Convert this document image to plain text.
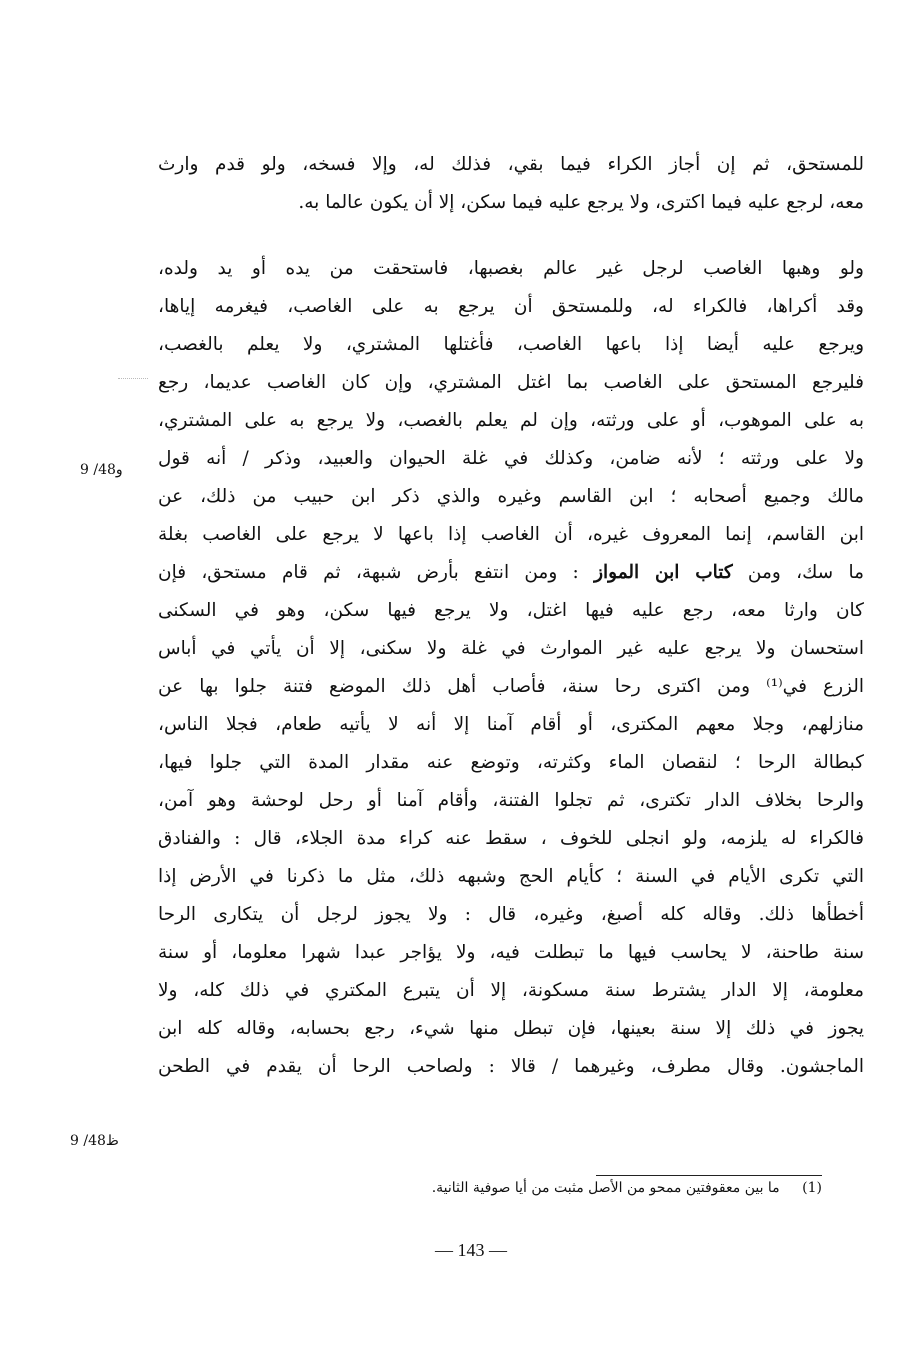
للمستحق، ثم إن أجاز الكراء فيما بقي، فذلك له، وإلا فسخه، ولو قدم وارث
معه، لرجع عليه فيما اكترى، ولا يرجع عليه فيما سكن، إلا أن يكون عالما به.
ولو وهبها الغاصب لرجل غير عالم بغصبها، فاستحقت من يده أو يد ولده،
وقد أكراها، فالكراء له، وللمستحق أن يرجع به على الغاصب، فيغرمه إياها،
ويرجع عليه أيضا إذا باعها الغاصب، فأغتلها المشتري، ولا يعلم بالغصب،
فليرجع المستحق على الغاصب بما اغتل المشتري، وإن كان الغاصب عديما، رجع
به على الموهوب، أو على ورثته، وإن لم يعلم بالغصب، ولا يرجع به على المشتري،
ولا على ورثته ؛ لأنه ضامن، وكذلك في غلة الحيوان والعبيد، وذكر / أنه قول
مالك وجميع أصحابه ؛ ابن القاسم وغيره والذي ذكر ابن حبيب من ذلك، عن
ابن القاسم، إنما المعروف غيره، أن الغاصب إذا باعها لا يرجع على الغاصب بغلة
ما سك، ومن كتاب ابن المواز : ومن انتفع بأرض شبهة، ثم قام مستحق، فإن
كان وارثا معه، رجع عليه فيها اغتل، ولا يرجع فيها سكن، وهو في السكنى
استحسان ولا يرجع عليه غير الموارث في غلة ولا سكنى، إلا أن يأتي في أباس
الزرع في⁽¹⁾ ومن اكترى رحا سنة، فأصاب أهل ذلك الموضع فتنة جلوا بها عن
منازلهم، وجلا معهم المكترى، أو أقام آمنا إلا أنه لا يأتيه طعام، فجلا الناس،
كبطالة الرحا ؛ لنقصان الماء وكثرته، وتوضع عنه مقدار المدة التي جلوا فيها،
والرحا بخلاف الدار تكترى، ثم تجلوا الفتنة، وأقام آمنا أو رحل لوحشة وهو آمن،
فالكراء له يلزمه، ولو انجلى للخوف ، سقط عنه كراء مدة الجلاء، قال : والفنادق
التي تكرى الأيام في السنة ؛ كأيام الحج وشبهه ذلك، مثل ما ذكرنا في الأرض إذا
أخطأها ذلك. وقاله كله أصبغ، وغيره، قال : ولا يجوز لرجل أن يتكارى الرحا
سنة طاحنة، لا يحاسب فيها ما تبطلت فيه، ولا يؤاجر عبدا شهرا معلوما، أو سنة
معلومة، إلا الدار يشترط سنة مسكونة، إلا أن يتبرع المكتري في ذلك كله، ولا
يجوز في ذلك إلا سنة بعينها، فإن تبطل منها شيء، رجع بحسابه، وقاله كله ابن
الماجشون. وقال مطرف، وغيرهما / قالا : ولصاحب الرحا أن يقدم في الطحن
9 /48و
9 /48ظ
(1) ما بين معقوفتين ممحو من الأصل مثبت من أيا صوفية الثانية.
— 143 —
